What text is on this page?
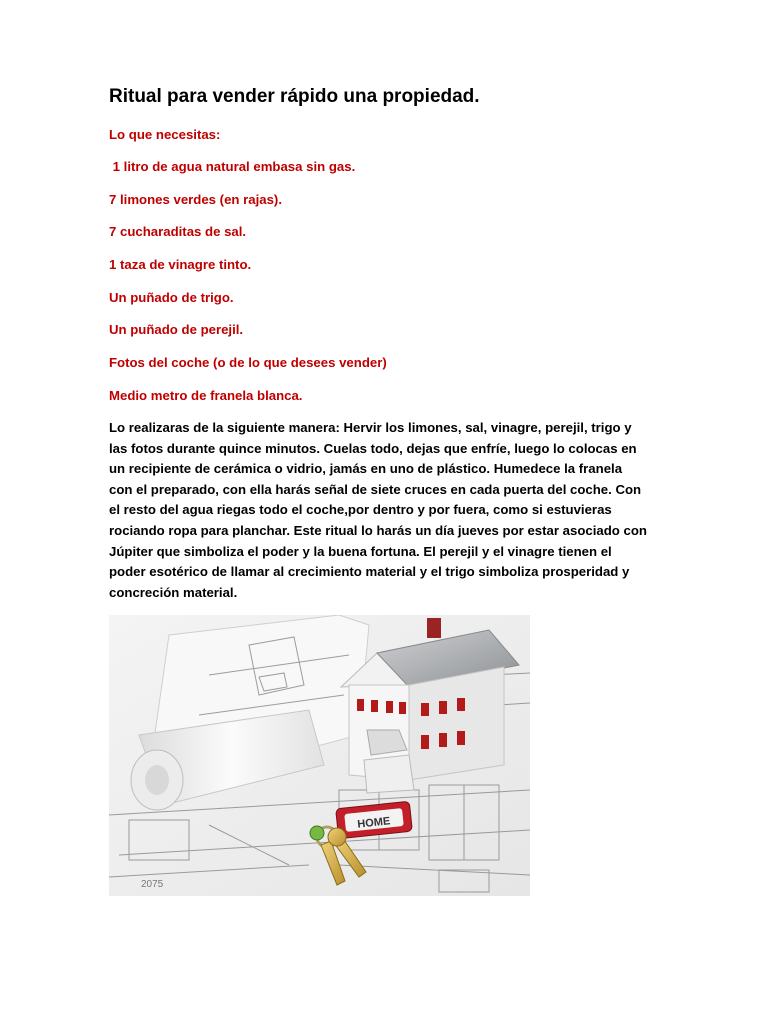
Ritual para vender rápido una propiedad.
Lo que necesitas:
1 litro de agua natural embasa sin gas.
7 limones verdes (en rajas).
7 cucharaditas de sal.
1 taza de vinagre tinto.
Un puñado de trigo.
Un puñado de perejil.
Fotos del coche (o de lo que desees vender)
Medio metro de franela blanca.
Lo realizaras de la siguiente manera: Hervir los limones, sal, vinagre, perejil, trigo y
las fotos durante quince minutos. Cuelas todo, dejas que enfríe, luego lo colocas en
un recipiente de cerámica o vidrio, jamás en uno de plástico. Humedece la franela
con el preparado, con ella harás señal de siete cruces en cada puerta del coche. Con
el resto del agua riegas todo el coche,por dentro y por fuera, como si estuvieras
rociando ropa para planchar. Este ritual lo harás un día jueves por estar asociado con
Júpiter que simboliza el poder y la buena fortuna. El perejil y el vinagre tienen el
poder esotérico de llamar al crecimiento material y el trigo simboliza prosperidad y
concreción material.
2075
HOME
